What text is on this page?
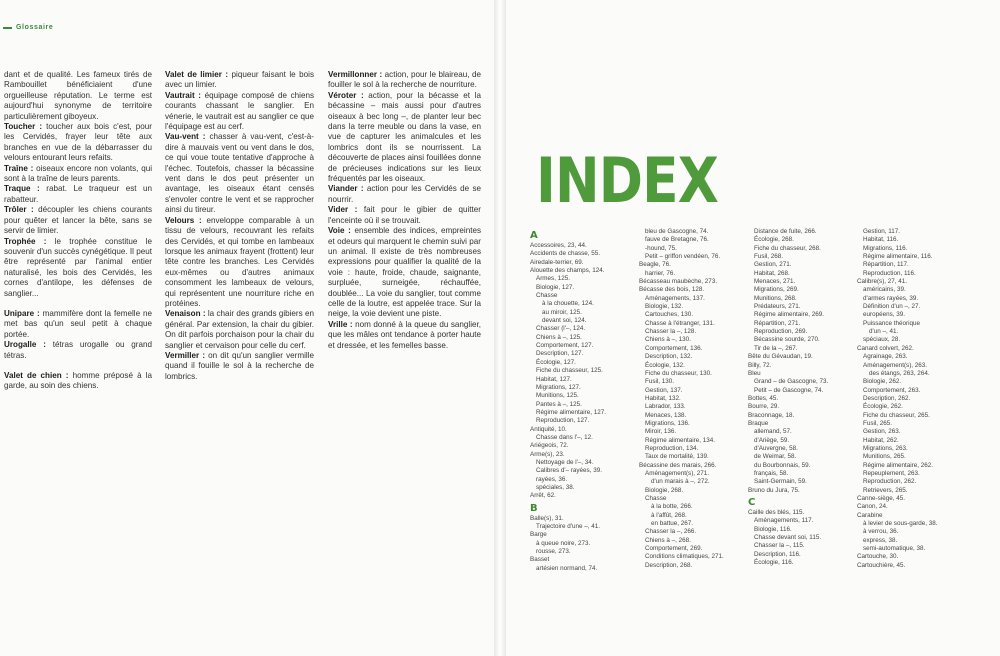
Glossaire

dant et de qualité. Les fameux tirés de Rambouillet bénéficiaient d'une orgueilleuse réputation. Le terme est aujourd'hui synonyme de territoire particulièrement giboyeux.

Toucher : toucher aux bois c'est, pour les Cervidés, frayer leur tête aux branches en vue de la débarrasser du velours entourant leurs refaits.

Traîne : oiseaux encore non volants, qui sont à la traîne de leurs parents.

Traque : rabat. Le traqueur est un rabatteur.

Trôler : découpler les chiens courants pour quêter et lancer la bête, sans se servir de limier.

Trophée : le trophée constitue le souvenir d'un succès cynégétique. Il peut être représenté par l'animal entier naturalisé, les bois des Cervidés, les cornes d'antilope, les défenses de sanglier...

Unipare : mammifère dont la femelle ne met bas qu'un seul petit à chaque portée.

Urogalle : tétras urogalle ou grand tétras.

Valet de chien : homme préposé à la garde, au soin des chiens.

Valet de limier : piqueur faisant le bois avec un limier.

Vautrait : équipage composé de chiens courants chassant le sanglier. En vénerie, le vautrait est au sanglier ce que l'équipage est au cerf.

Vau-vent : chasser à vau-vent, c'est-à-dire à mauvais vent ou vent dans le dos, ce qui voue toute tentative d'approche à l'échec. Toutefois, chasser la bécassine vent dans le dos peut présenter un avantage, les oiseaux étant censés s'envoler contre le vent et se rapprocher ainsi du tireur.

Velours : enveloppe comparable à un tissu de velours, recouvrant les refaits des Cervidés, et qui tombe en lambeaux lorsque les animaux frayent (frottent) leur tête contre les branches. Les Cervidés eux-mêmes ou d'autres animaux consomment les lambeaux de velours, qui représentent une nourriture riche en protéines.

Venaison : la chair des grands gibiers en général. Par extension, la chair du gibier. On dit parfois porchaison pour la chair du sanglier et cervaison pour celle du cerf.

Vermiller : on dit qu'un sanglier vermille quand il fouille le sol à la recherche de lombrics.

Vermillonner : action, pour le blaireau, de fouiller le sol à la recherche de nourriture.

Véroter : action, pour la bécasse et la bécassine – mais aussi pour d'autres oiseaux à bec long –, de planter leur bec dans la terre meuble ou dans la vase, en vue de capturer les animalcules et les lombrics dont ils se nourrissent. La découverte de places ainsi fouillées donne de précieuses indications sur les lieux fréquentés par les oiseaux.

Viander : action pour les Cervidés de se nourrir.

Vider : fait pour le gibier de quitter l'enceinte où il se trouvait.

Voie : ensemble des indices, empreintes et odeurs qui marquent le chemin suivi par un animal. Il existe de très nombreuses expressions pour qualifier la qualité de la voie : haute, froide, chaude, saignante, surpluée, surneigée, réchauffée, doublée... La voie du sanglier, tout comme celle de la loutre, est appelée trace. Sur la neige, la voie devient une piste.

Vrille : nom donné à la queue du sanglier, que les mâles ont tendance à porter haute et dressée, et les femelles basse.

INDEX
A
Accessoires, 23, 44.
Accidents de chasse, 55.
Airedale-terrier, 69.
Alouette des champs, 124.
Armes, 125.
Biologie, 127.
Chasse
à la chouette, 124.
au miroir, 125.
devant soi, 124.
Chasser (l'–, 124.
Chiens à –, 125.
Comportement, 127.
Description, 127.
Écologie, 127.
Fiche du chasseur, 125.
Habitat, 127.
Migrations, 127.
Munitions, 125.
Pantes à –, 125.
Régime alimentaire, 127.
Reproduction, 127.
Antiquité, 10.
Chasse dans l'–, 12.
Ariégeois, 72.
Arme(s), 23.
Nettoyage de l'–, 34.
Calibres d'– rayées, 39.
rayées, 36.
spéciales, 38.
Arrêt, 62.
B
Balle(s), 31.
Trajectoire d'une –, 41.
Barge
à queue noire, 273.
rousse, 273.
Basset
artésien normand, 74.
bleu de Gascogne, 74.
fauve de Bretagne, 76.
-hound, 75.
Petit – griffon vendéen, 76.
Beagle, 76.
harrier, 76.
Bécasseau maubèche, 273.
Bécasse des bois, 128.
Aménagements, 137.
Biologie, 132.
Cartouches, 130.
Chasse à l'étranger, 131.
Chasser la –, 128.
Chiens à –, 130.
Comportement, 136.
Description, 132.
Écologie, 132.
Fiche du chasseur, 130.
Fusil, 130.
Gestion, 137.
Habitat, 132.
Labrador, 133.
Menaces, 138.
Migrations, 136.
Miroir, 136.
Régime alimentaire, 134.
Reproduction, 134.
Taux de mortalité, 139.
Bécassine des marais, 266.
Aménagement(s), 271.
d'un marais à –, 272.
Biologie, 268.
Chasse
à la botte, 266.
à l'affût, 268.
en battue, 267.
Chasser la –, 266.
Chiens à –, 268.
Comportement, 269.
Conditions climatiques, 271.
Description, 268.
Distance de fuite, 266.
Écologie, 268.
Fiche du chasseur, 268.
Fusil, 268.
Gestion, 271.
Habitat, 268.
Menaces, 271.
Migrations, 269.
Munitions, 268.
Prédateurs, 271.
Régime alimentaire, 269.
Répartition, 271.
Reproduction, 269.
Bécassine sourde, 270.
Tir de la –, 267.
Bête du Gévaudan, 19.
Billy, 72.
Bleu
Grand – de Gascogne, 73.
Petit – de Gascogne, 74.
Bottes, 45.
Bourre, 29.
Braconnage, 18.
Braque
allemand, 57.
d'Ariège, 59.
d'Auvergne, 58.
de Weimar, 58.
du Bourbonnais, 59.
français, 58.
Saint-Germain, 59.
Bruno du Jura, 75.
C
Caille des blés, 115.
Aménagements, 117.
Biologie, 116.
Chasse devant soi, 115.
Chasser la –, 115.
Description, 116.
Écologie, 116.
Gestion, 117.
Habitat, 116.
Migrations, 116.
Régime alimentaire, 116.
Répartition, 117.
Reproduction, 116.
Calibre(s), 27, 41.
américains, 39.
d'armes rayées, 39.
Définition d'un –, 27.
européens, 39.
Puissance théorique
d'un –, 41.
spéciaux, 28.
Canard colvert, 262.
Agrainage, 263.
Aménagement(s), 263.
des étangs, 263, 264.
Biologie, 262.
Comportement, 263.
Description, 262.
Écologie, 262.
Fiche du chasseur, 265.
Fusil, 265.
Gestion, 263.
Habitat, 262.
Migrations, 263.
Munitions, 265.
Régime alimentaire, 262.
Repeuplement, 263.
Reproduction, 262.
Retrievers, 265.
Canne-siège, 45.
Canon, 24.
Carabine
à levier de sous-garde, 38.
à verrou, 36.
express, 38.
semi-automatique, 38.
Cartouche, 30.
Cartouchière, 45.
